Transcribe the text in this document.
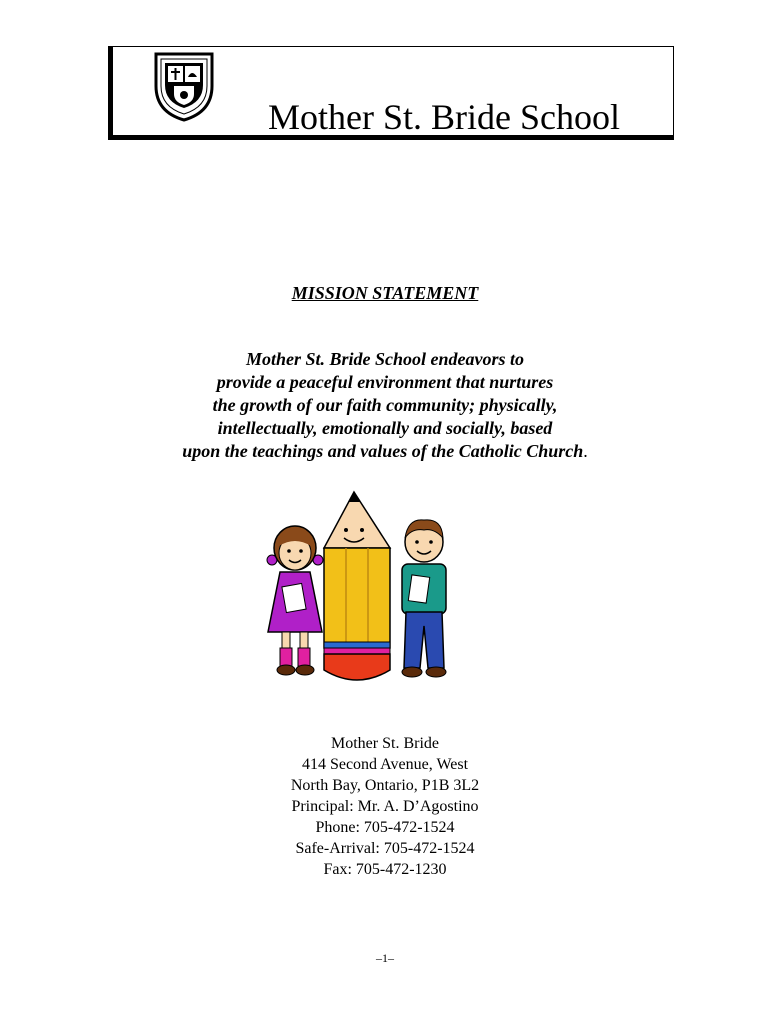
Mother St. Bride School
MISSION STATEMENT
Mother St. Bride School endeavors to
provide a peaceful environment that nurtures
the growth of our faith community; physically,
intellectually, emotionally and socially, based
upon the teachings and values of the Catholic Church.
Mother St. Bride
414 Second Avenue, West
North Bay, Ontario, P1B 3L2
Principal: Mr. A. D’Agostino
Phone: 705-472-1524
Safe-Arrival: 705-472-1524
Fax: 705-472-1230
–1–
